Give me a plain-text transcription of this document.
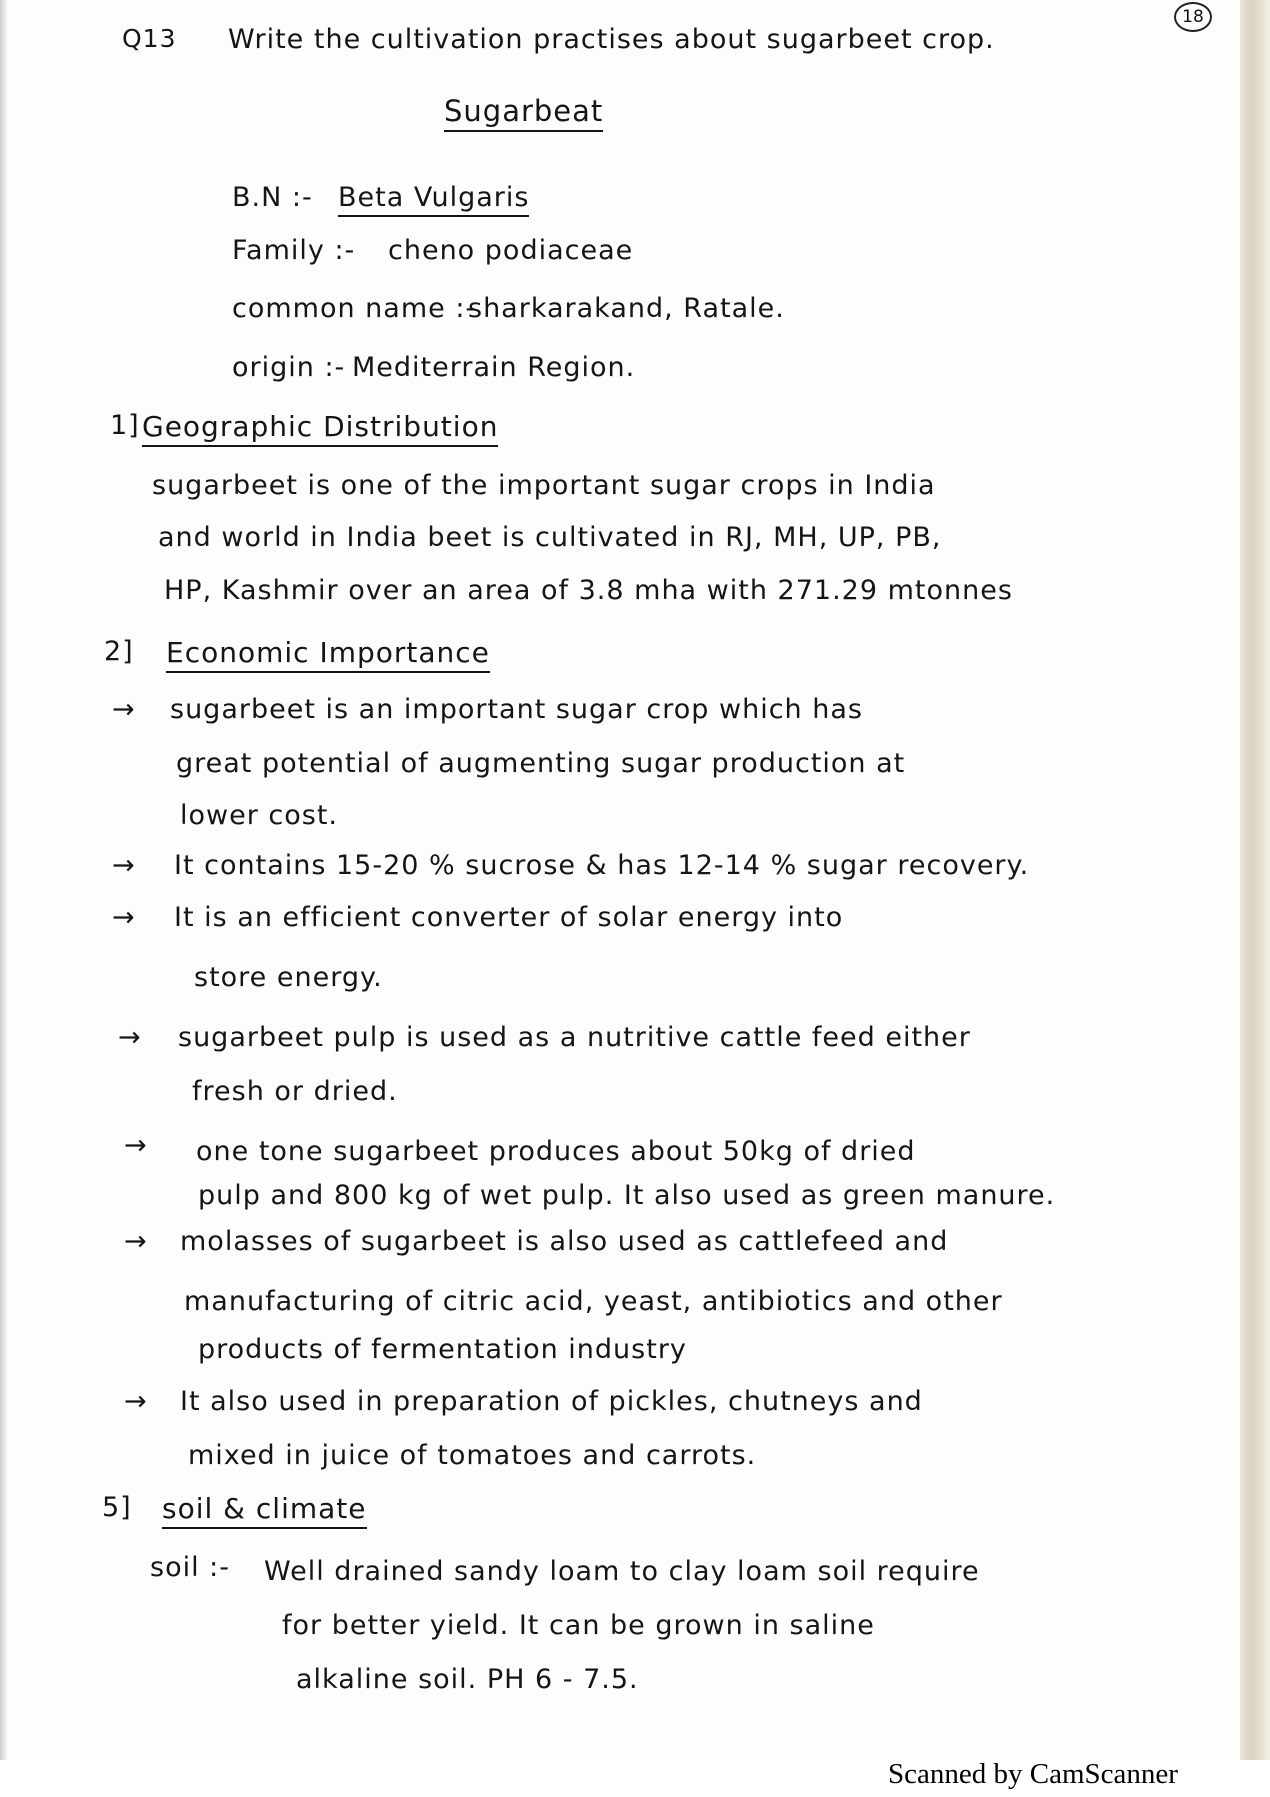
18
Q13 Write the cultivation practises about sugarbeet crop.
Sugarbeat
B.N :- Beta Vulgaris
Family :- cheno podiaceae
common name :-
sharkarakand, Ratale.
origin :- Mediterrain Region.
1] Geographic Distribution
sugarbeet is one of the important sugar crops in India
and world in India beet is cultivated in RJ, MH, UP, PB,
HP, Kashmir over an area of 3.8 mha with 271.29 mtonnes
2] Economic Importance
→ sugarbeet is an important sugar crop which has
great potential of augmenting sugar production at
lower cost.
→ It contains 15-20 % sucrose & has 12-14 % sugar recovery.
→ It is an efficient converter of solar energy into
store energy.
→ sugarbeet pulp is used as a nutritive cattle feed either
fresh or dried.
→ one tone sugarbeet produces about 50kg of dried
pulp and 800 kg of wet pulp. It also used as green manure.
→ molasses of sugarbeet is also used as cattlefeed and
manufacturing of citric acid, yeast, antibiotics and other
products of fermentation industry
→ It also used in preparation of pickles, chutneys and
mixed in juice of tomatoes and carrots.
5] soil & climate
soil :- Well drained sandy loam to clay loam soil require
for better yield. It can be grown in saline
alkaline soil. PH 6 - 7.5.
Scanned by CamScanner
